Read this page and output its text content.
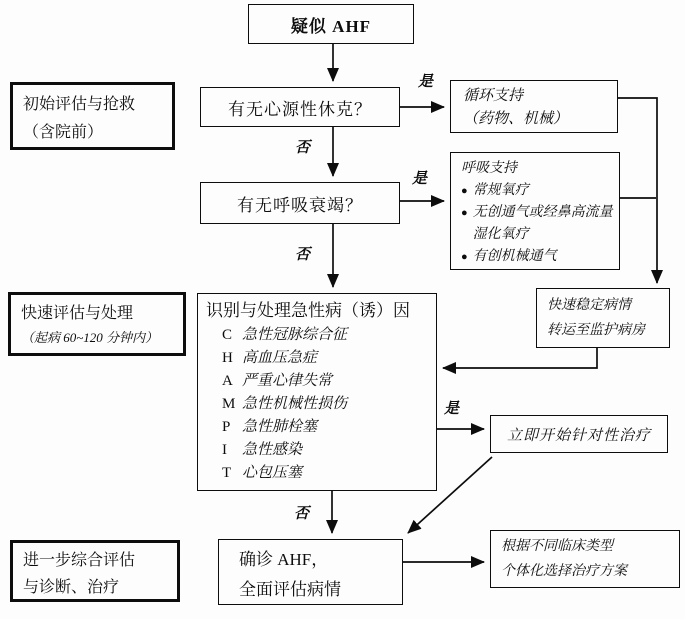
疑似 AHF
初始评估与抢救
（含院前）
有无心源性休克？
循环支持
（药物、机械）
有无呼吸衰竭？
呼吸支持
● 常规氧疗
● 无创通气或经鼻高流量湿化氧疗
● 有创机械通气
快速评估与处理
（起病 60~120 分钟内）
识别与处理急性病（诱）因
C 急性冠脉综合征
H 高血压急症
A 严重心律失常
M 急性机械性损伤
P 急性肺栓塞
I	急性感染
T 心包压塞
快速稳定病情
转运至监护病房
立即开始针对性治疗
确诊 AHF，
全面评估病情
进一步综合评估
与诊断、治疗
根据不同临床类型
个体化选择治疗方案
是
否
是
否
是
否
